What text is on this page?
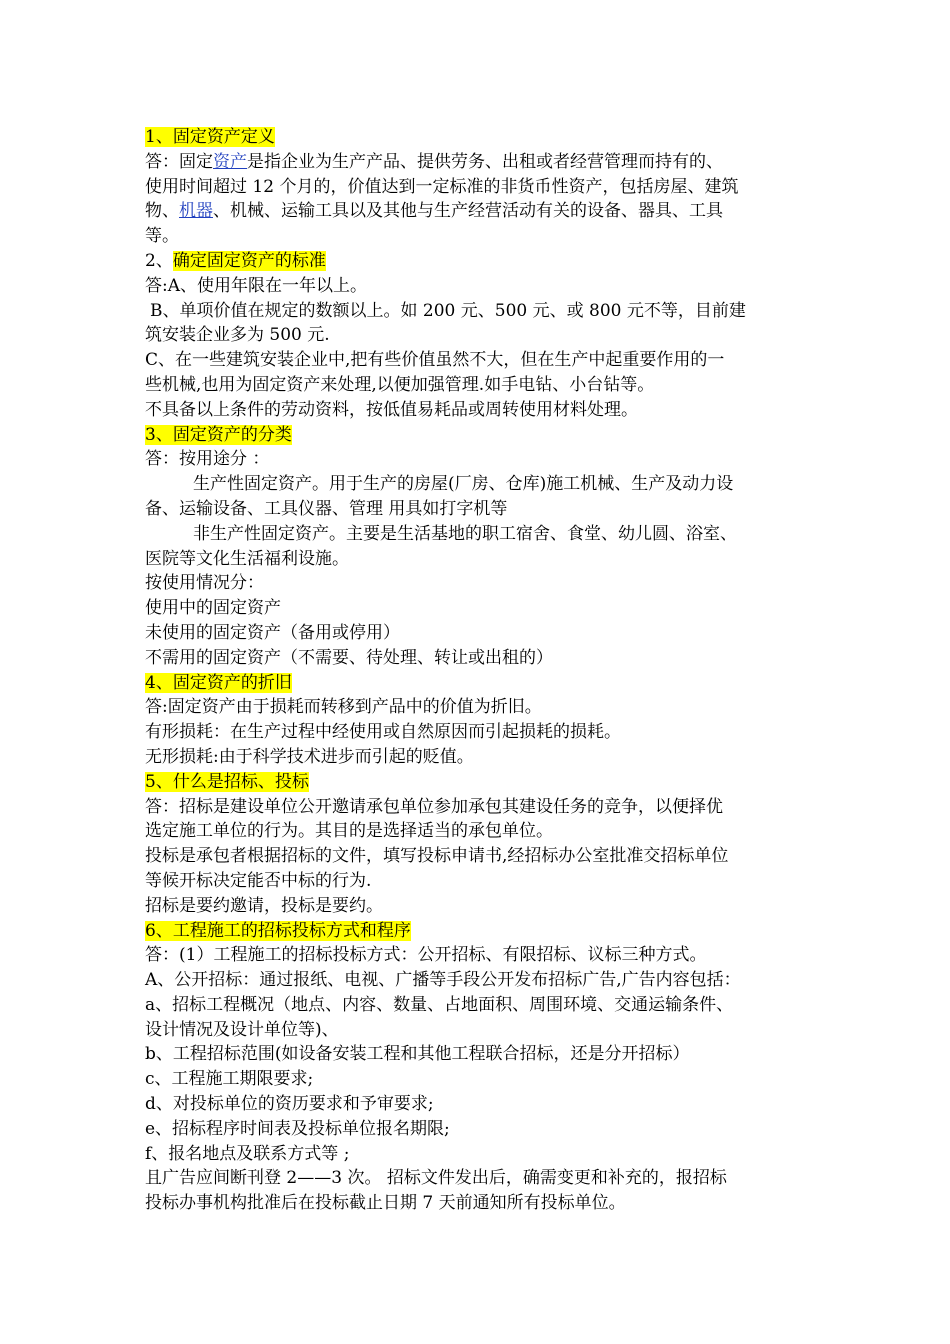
1、固定资产定义
答：固定资产是指企业为生产产品、提供劳务、出租或者经营管理而持有的、
使用时间超过 12 个月的，价值达到一定标准的非货币性资产，包括房屋、建筑
物、机器、机械、运输工具以及其他与生产经营活动有关的设备、器具、工具
等。
2、确定固定资产的标准
答:A、使用年限在一年以上。
B、单项价值在规定的数额以上。如 200 元、500 元、或 800 元不等，目前建
筑安装企业多为 500 元.
C、在一些建筑安装企业中,把有些价值虽然不大，但在生产中起重要作用的一
些机械,也用为固定资产来处理,以便加强管理.如手电钻、小台钻等。
不具备以上条件的劳动资料，按低值易耗品或周转使用材料处理。
3、固定资产的分类
答：按用途分 ：
生产性固定资产。用于生产的房屋(厂房、仓库)施工机械、生产及动力设
备、运输设备、工具仪器、管理 用具如打字机等
非生产性固定资产。主要是生活基地的职工宿舍、食堂、幼儿圆、浴室、
医院等文化生活福利设施。
按使用情况分：
使用中的固定资产
未使用的固定资产（备用或停用）
不需用的固定资产（不需要、待处理、转让或出租的）
4、固定资产的折旧
答:固定资产由于损耗而转移到产品中的价值为折旧。
有形损耗：在生产过程中经使用或自然原因而引起损耗的损耗。
无形损耗:由于科学技术进步而引起的贬值。
5、什么是招标、投标
答：招标是建设单位公开邀请承包单位参加承包其建设任务的竞争，以便择优
选定施工单位的行为。其目的是选择适当的承包单位。
投标是承包者根据招标的文件，填写投标申请书,经招标办公室批准交招标单位
等候开标决定能否中标的行为.
招标是要约邀请，投标是要约。
6、工程施工的招标投标方式和程序
答：(1）工程施工的招标投标方式：公开招标、有限招标、议标三种方式。
A、公开招标：通过报纸、电视、广播等手段公开发布招标广告,广告内容包括：
a、招标工程概况（地点、内容、数量、占地面积、周围环境、交通运输条件、
设计情况及设计单位等)、
b、工程招标范围(如设备安装工程和其他工程联合招标，还是分开招标）
c、工程施工期限要求;
d、对投标单位的资历要求和予审要求;
e、招标程序时间表及投标单位报名期限;
f、报名地点及联系方式等 ;
且广告应间断刊登 2——3 次。 招标文件发出后，确需变更和补充的，报招标
投标办事机构批准后在投标截止日期 7 天前通知所有投标单位。
